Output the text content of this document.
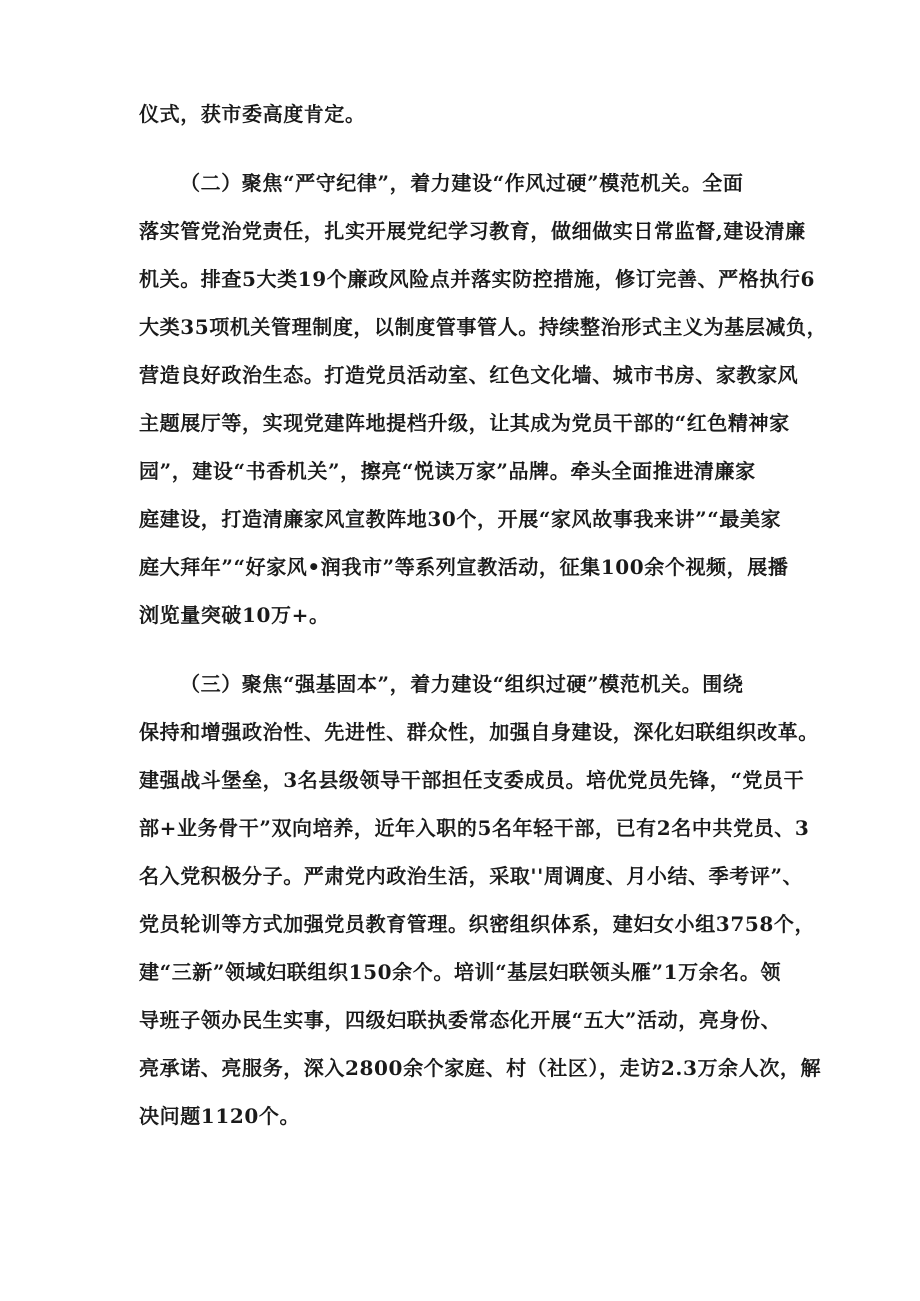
仪式，获市委高度肯定。

（二）聚焦“严守纪律”，着力建设“作风过硬”模范机关。全面

落实管党治党责任，扎实开展党纪学习教育，做细做实日常监督,建设清廉

机关。排查5大类19个廉政风险点并落实防控措施，修订完善、严格执行6

大类35项机关管理制度，以制度管事管人。持续整治形式主义为基层减负，

营造良好政治生态。打造党员活动室、红色文化墙、城市书房、家教家风

主题展厅等，实现党建阵地提档升级，让其成为党员干部的“红色精神家

园”，建设“书香机关”，擦亮“悦读万家”品牌。牵头全面推进清廉家

庭建设，打造清廉家风宣教阵地30个，开展“家风故事我来讲”“最美家

庭大拜年”“好家风•润我市”等系列宣教活动，征集100余个视频，展播

浏览量突破10万+。

（三）聚焦“强基固本”，着力建设“组织过硬”模范机关。围绕

保持和增强政治性、先进性、群众性，加强自身建设，深化妇联组织改革。

建强战斗堡垒，3名县级领导干部担任支委成员。培优党员先锋，“党员干

部+业务骨干”双向培养，近年入职的5名年轻干部，已有2名中共党员、3

名入党积极分子。严肃党内政治生活，采取''周调度、月小结、季考评”、

党员轮训等方式加强党员教育管理。织密组织体系，建妇女小组3758个，

建“三新”领域妇联组织150余个。培训“基层妇联领头雁”1万余名。领

导班子领办民生实事，四级妇联执委常态化开展“五大”活动，亮身份、

亮承诺、亮服务，深入2800余个家庭、村（社区），走访2.3万余人次，解

决问题1120个。
